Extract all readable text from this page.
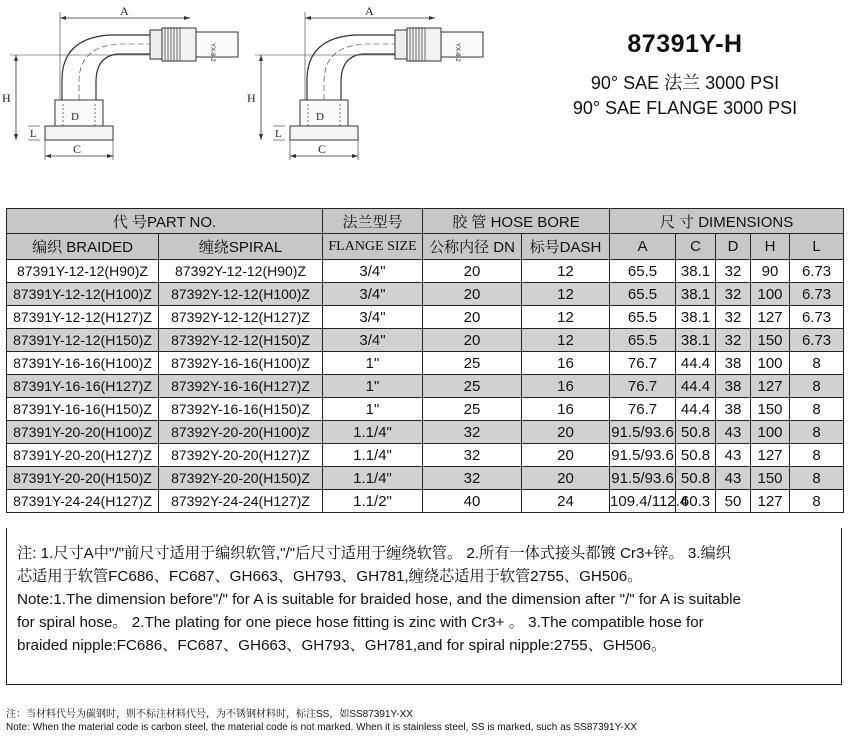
A
H
L
D
YX-8-2
C
A
H
L
D
YX-8-2
C
87391Y-H
90° SAE 法兰 3000 PSI
90° SAE FLANGE 3000 PSI
代 号PART NO.		法兰型号	胶 管 HOSE BORE		尺 寸 DIMENSIONS				
编织 BRAIDED	缠绕SPIRAL	FLANGE SIZE	公称内径 DN	标号DASH	A	C	D	H	L
87391Y-12-12(H90)Z	87392Y-12-12(H90)Z	3/4"	20	12	65.5	38.1	32	90	6.73
87391Y-12-12(H100)Z	87392Y-12-12(H100)Z	3/4"	20	12	65.5	38.1	32	100	6.73
87391Y-12-12(H127)Z	87392Y-12-12(H127)Z	3/4"	20	12	65.5	38.1	32	127	6.73
87391Y-12-12(H150)Z	87392Y-12-12(H150)Z	3/4"	20	12	65.5	38.1	32	150	6.73
87391Y-16-16(H100)Z	87392Y-16-16(H100)Z	1"	25	16	76.7	44.4	38	100	8
87391Y-16-16(H127)Z	87392Y-16-16(H127)Z	1"	25	16	76.7	44.4	38	127	8
87391Y-16-16(H150)Z	87392Y-16-16(H150)Z	1"	25	16	76.7	44.4	38	150	8
87391Y-20-20(H100)Z	87392Y-20-20(H100)Z	1.1/4"	32	20	91.5/93.6	50.8	43	100	8
87391Y-20-20(H127)Z	87392Y-20-20(H127)Z	1.1/4"	32	20	91.5/93.6	50.8	43	127	8
87391Y-20-20(H150)Z	87392Y-20-20(H150)Z	1.1/4"	32	20	91.5/93.6	50.8	43	150	8
87391Y-24-24(H127)Z	87392Y-24-24(H127)Z	1.1/2"	40	24	109.4/112.4	60.3	50	127	8

注: 1.尺寸A中"/"前尺寸适用于编织软管,"/"后尺寸适用于缠绕软管。 2.所有一体式接头都镀 Cr3+锌。 3.编织

芯适用于软管FC686、FC687、GH663、GH793、GH781,缠绕芯适用于软管2755、GH506。

Note:1.The dimension before"/" for A is suitable for braided hose, and the dimension after "/" for A is suitable

for spiral hose。 2.The plating for one piece hose fitting is zinc with Cr3+ 。 3.The compatible hose for

braided nipple:FC686、FC687、GH663、GH793、GH781,and for spiral nipple:2755、GH506。

注：当材料代号为碳钢时，则不标注材料代号，为不锈钢材料时，标注SS，如SS87391Y-XX
Note: When the material code is carbon steel, the material code is not marked. When it is stainless steel, SS is marked, such as SS87391Y-XX
